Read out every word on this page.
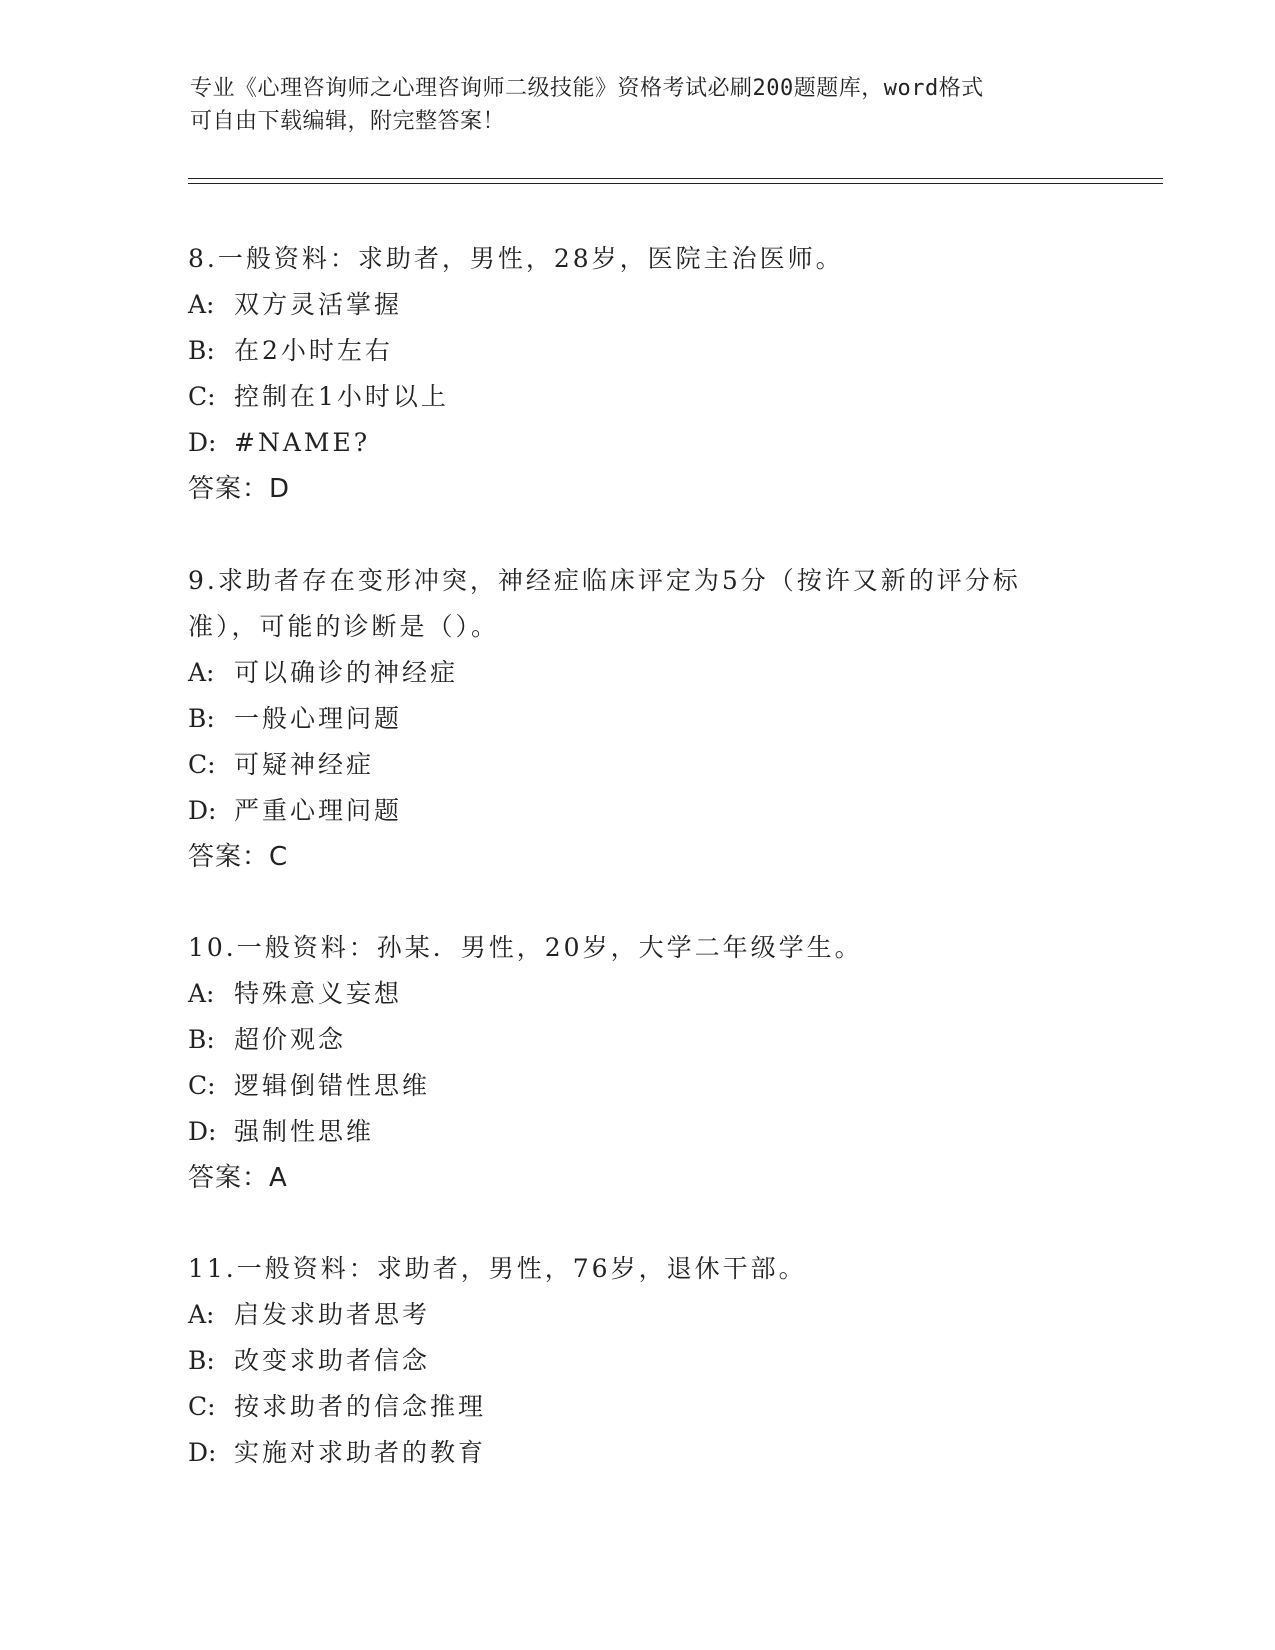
专业《心理咨询师之心理咨询师二级技能》资格考试必刷200题题库，word格式
可自由下载编辑，附完整答案！

8.一般资料：求助者，男性，28岁，医院主治医师。

A: 双方灵活掌握

B: 在2小时左右

C: 控制在1小时以上

D: #NAME?

答案：D

9.求助者存在变形冲突，神经症临床评定为5分（按许又新的评分标准），可能的诊断是（）。

A: 可以确诊的神经症

B: 一般心理问题

C: 可疑神经症

D: 严重心理问题

答案：C

10.一般资料：孙某．男性，20岁，大学二年级学生。

A: 特殊意义妄想

B: 超价观念

C: 逻辑倒错性思维

D: 强制性思维

答案：A

11.一般资料：求助者，男性，76岁，退休干部。

A: 启发求助者思考

B: 改变求助者信念

C: 按求助者的信念推理

D: 实施对求助者的教育
